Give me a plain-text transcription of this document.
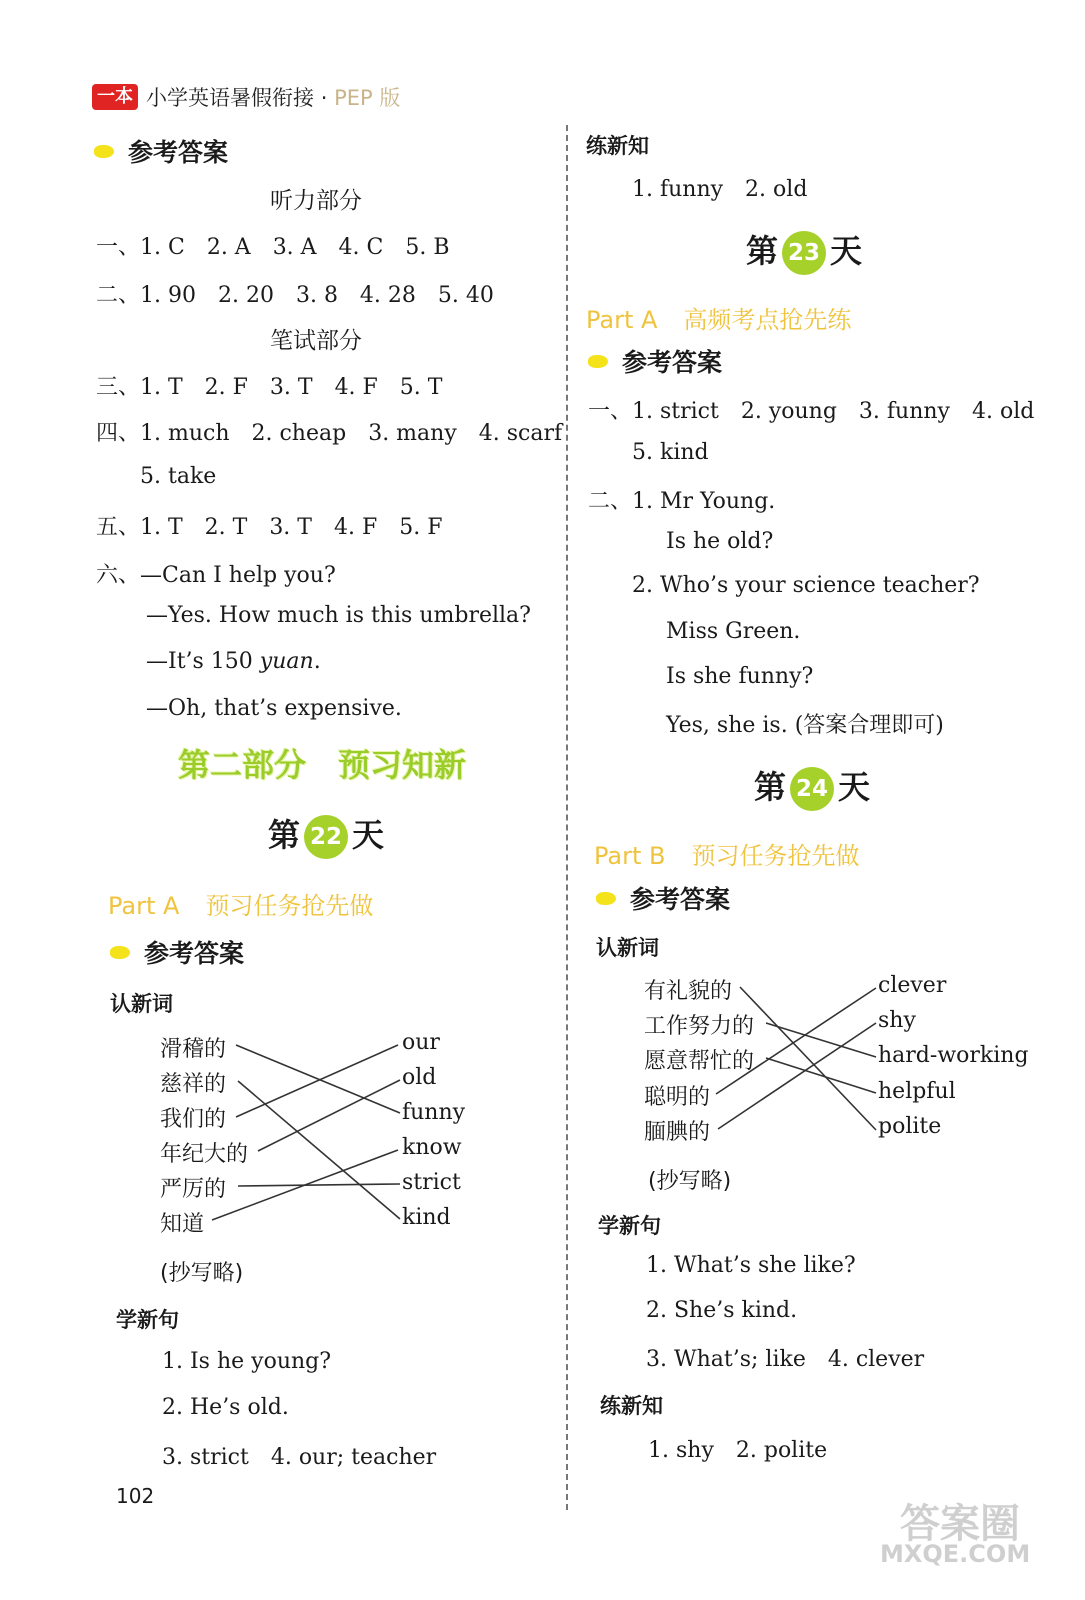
一本 小学英语暑假衔接 · PEP 版
参考答案
听力部分
一、1. C　2. A　3. A　4. C　5. B
二、1. 90　2. 20　3. 8　4. 28　5. 40
笔试部分
三、1. T　2. F　3. T　4. F　5. T
四、1. much　2. cheap　3. many　4. scarf
5. take
五、1. T　2. T　3. T　4. F　5. F
六、—Can I help you?
—Yes. How much is this umbrella?
—It’s 150 yuan.
—Oh, that’s expensive.
第二部分　预习知新
第 22 天
Part A 预习任务抢先做
参考答案
认新词
滑稽的
慈祥的
我们的
年纪大的
严厉的
知道
our
old
funny
know
strict
kind
(抄写略)
学新句
1. Is he young?
2. He’s old.
3. strict　4. our; teacher
102
练新知
1. funny　2. old
第 23 天
Part A 高频考点抢先练
参考答案
一、1. strict　2. young　3. funny　4. old
5. kind
二、1. Mr Young.
Is he old?
2. Who’s your science teacher?
Miss Green.
Is she funny?
Yes, she is. (答案合理即可)
第 24 天
Part B 预习任务抢先做
参考答案
认新词
有礼貌的
工作努力的
愿意帮忙的
聪明的
腼腆的
clever
shy
hard-working
helpful
polite
(抄写略)
学新句
1. What’s she like?
2. She’s kind.
3. What’s; like　4. clever
练新知
1. shy　2. polite
答案圈
MXQE.COM
